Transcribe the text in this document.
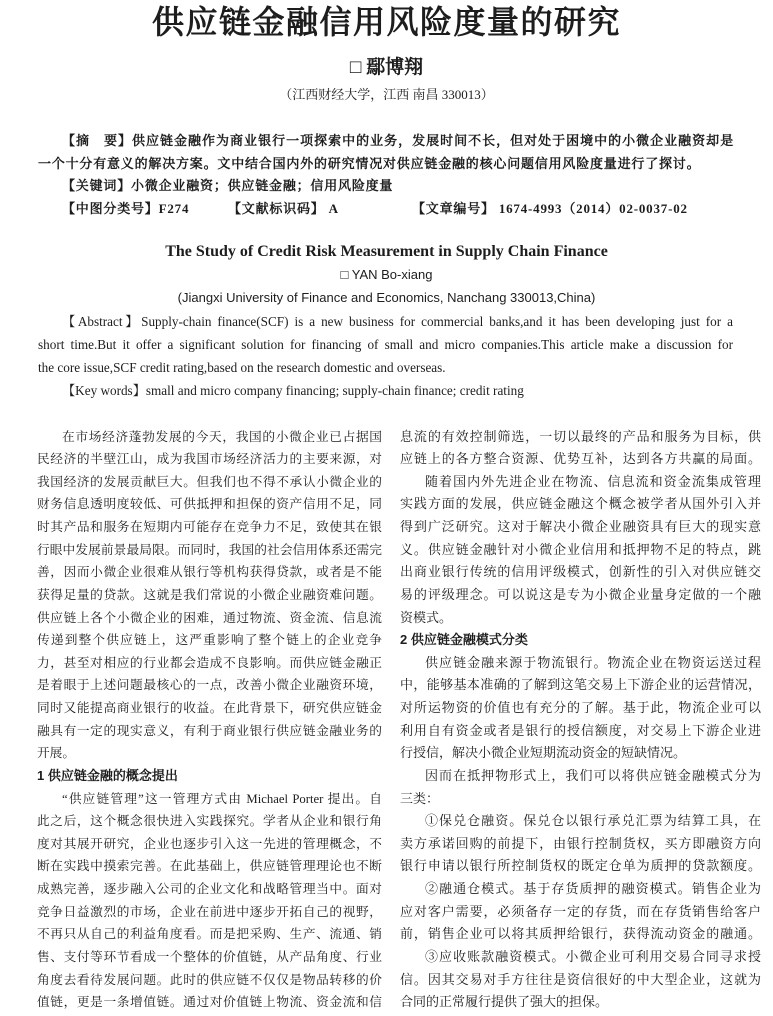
供应链金融信用风险度量的研究
□ 鄢博翔
（江西财经大学，江西 南昌 330013）
【摘　要】供应链金融作为商业银行一项探索中的业务，发展时间不长，但对处于困境中的小微企业融资却是
一个十分有意义的解决方案。文中结合国内外的研究情况对供应链金融的核心问题信用风险度量进行了探讨。
【关键词】小微企业融资；供应链金融；信用风险度量
【中图分类号】F274	【文献标识码】 A	【文章编号】 1674-4993（2014）02-0037-02
The Study of Credit Risk Measurement in Supply Chain Finance
□ YAN Bo-xiang
(Jiangxi University of Finance and Economics, Nanchang 330013,China)
【Abstract】Supply-chain finance(SCF) is a new business for commercial banks,and it has been developing just for a
short time.But it offer a significant solution for financing of small and micro companies.This article make a discussion for
the core issue,SCF credit rating,based on the research domestic and overseas.
【Key words】small and micro company financing; supply-chain finance; credit rating
在市场经济蓬勃发展的今天，我国的小微企业已占据国
民经济的半壁江山，成为我国市场经济活力的主要来源，对
我国经济的发展贡献巨大。但我们也不得不承认小微企业的
财务信息透明度较低、可供抵押和担保的资产信用不足，同
时其产品和服务在短期内可能存在竞争力不足，致使其在银
行眼中发展前景最局限。而同时，我国的社会信用体系还需完
善，因而小微企业很难从银行等机构获得贷款，或者是不能
获得足量的贷款。这就是我们常说的小微企业融资难问题。
供应链上各个小微企业的困难，通过物流、资金流、信息流
传递到整个供应链上，这严重影响了整个链上的企业竞争
力，甚至对相应的行业都会造成不良影响。而供应链金融正
是着眼于上述问题最核心的一点，改善小微企业融资环境，
同时又能提高商业银行的收益。在此背景下，研究供应链金
融具有一定的现实意义，有利于商业银行供应链金融业务的
开展。
1 供应链金融的概念提出
“供应链管理”这一管理方式由 Michael Porter 提出。自
此之后，这个概念很快进入实践探究。学者从企业和银行角
度对其展开研究，企业也逐步引入这一先进的管理概念，不
断在实践中摸索完善。在此基础上，供应链管理理论也不断
成熟完善，逐步融入公司的企业文化和战略管理当中。面对
竞争日益激烈的市场，企业在前进中逐步开拓自己的视野，
不再只从自己的利益角度看。而是把采购、生产、流通、销
售、支付等环节看成一个整体的价值链，从产品角度、行业
角度去看待发展问题。此时的供应链不仅仅是物品转移的价
值链，更是一条增值链。通过对价值链上物流、资金流和信
息流的有效控制筛选，一切以最终的产品和服务为目标，供
应链上的各方整合资源、优势互补，达到各方共赢的局面。
随着国内外先进企业在物流、信息流和资金流集成管理
实践方面的发展，供应链金融这个概念被学者从国外引入并
得到广泛研究。这对于解决小微企业融资具有巨大的现实意
义。供应链金融针对小微企业信用和抵押物不足的特点，跳
出商业银行传统的信用评级模式，创新性的引入对供应链交
易的评级理念。可以说这是专为小微企业量身定做的一个融
资模式。
2 供应链金融模式分类
供应链金融来源于物流银行。物流企业在物资运送过程
中，能够基本准确的了解到这笔交易上下游企业的运营情况，
对所运物资的价值也有充分的了解。基于此，物流企业可以
利用自有资金或者是银行的授信额度，对交易上下游企业进
行授信，解决小微企业短期流动资金的短缺情况。
因而在抵押物形式上，我们可以将供应链金融模式分为
三类：
①保兑仓融资。保兑仓以银行承兑汇票为结算工具，在
卖方承诺回购的前提下，由银行控制货权，买方即融资方向
银行申请以银行所控制货权的既定仓单为质押的贷款额度。
②融通仓模式。基于存货质押的融资模式。销售企业为
应对客户需要，必须备存一定的存货，而在存货销售给客户
前，销售企业可以将其质押给银行，获得流动资金的融通。
③应收账款融资模式。小微企业可利用交易合同寻求授
信。因其交易对手方往往是资信很好的中大型企业，这就为
合同的正常履行提供了强大的担保。
